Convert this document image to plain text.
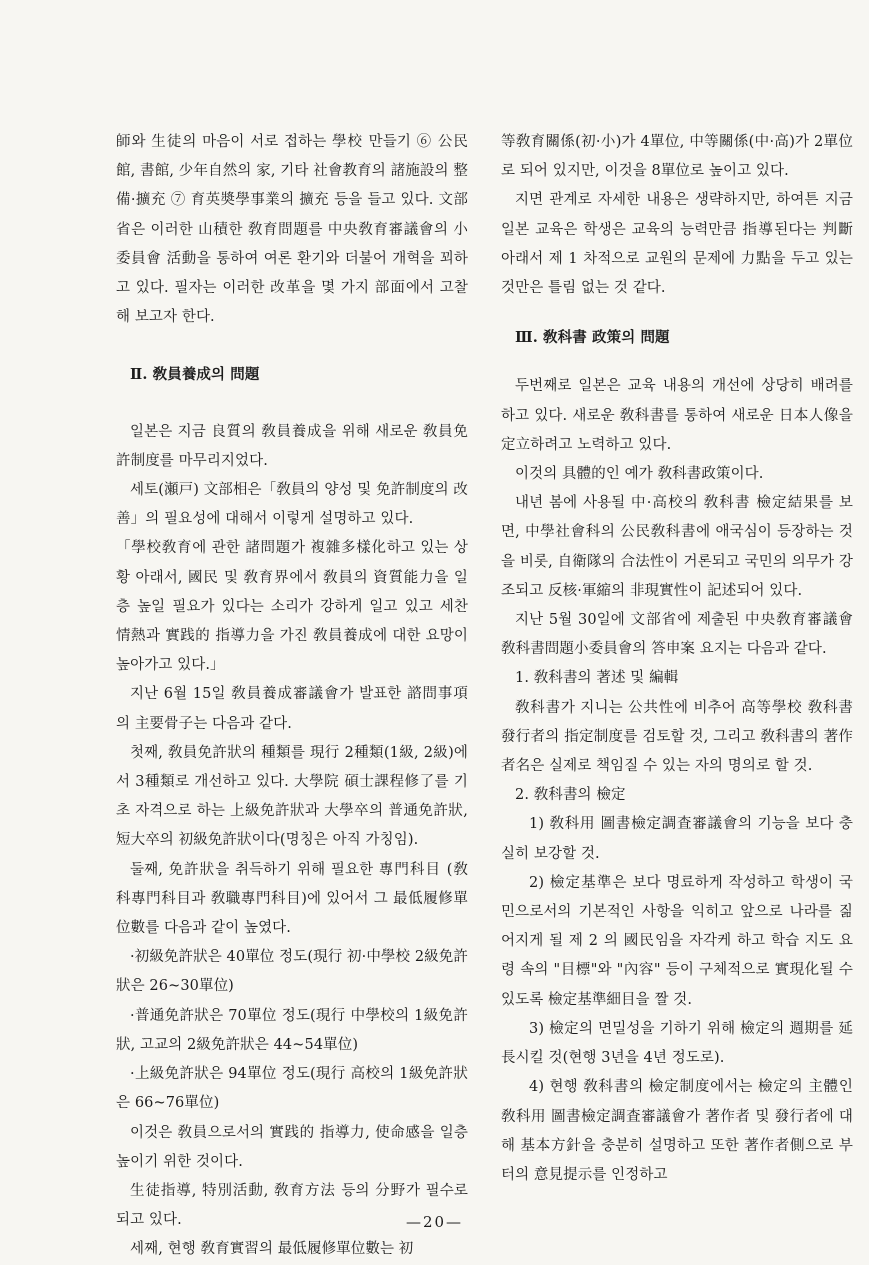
師와 生徒의 마음이 서로 접하는 學校 만들기 ⑥ 公民館, 書館, 少年自然의 家, 기타 社會教育의 諸施設의 整備·擴充 ⑦ 育英奬學事業의 擴充 등을 들고 있다. 文部省은 이러한 山積한 敎育問題를 中央敎育審議會의 小委員會 活動을 통하여 여론 환기와 더불어 개혁을 꾀하고 있다. 필자는 이러한 改革을 몇 가지 部面에서 고찰해 보고자 한다.

Ⅱ. 敎員養成의 問題

일본은 지금 良質의 敎員養成을 위해 새로운 敎員免許制度를 마무리지었다.

세토(瀬戸) 文部相은「敎員의 양성 및 免許制度의 改善」의 필요성에 대해서 이렇게 설명하고 있다.

「學校敎育에 관한 諸問題가 複雜多樣化하고 있는 상황 아래서, 國民 및 敎育界에서 敎員의 資質能力을 일층 높일 필요가 있다는 소리가 강하게 일고 있고 세찬 情熱과 實践的 指導力을 가진 敎員養成에 대한 요망이 높아가고 있다.」

지난 6월 15일 敎員養成審議會가 발표한 諮問事項의 主要骨子는 다음과 같다.

첫째, 敎員免許狀의 種類를 現行 2種類(1級, 2級)에서 3種類로 개선하고 있다. 大學院 碩士課程修了를 기초 자격으로 하는 上級免許狀과 大學卒의 普通免許狀, 短大卒의 初級免許狀이다(명칭은 아직 가칭임).

둘째, 免許狀을 취득하기 위해 필요한 專門科目 (敎科專門科目과 敎職專門科目)에 있어서 그 最低履修單位數를 다음과 같이 높였다.

·初級免許狀은 40單位 정도(現行 初·中學校 2級免許狀은 26~30單位)

·普通免許狀은 70單位 정도(現行 中學校의 1級免許狀, 고교의 2級免許狀은 44~54單位)

·上級免許狀은 94單位 정도(現行 高校의 1級免許狀은 66~76單位)

이것은 敎員으로서의 實践的 指導力, 使命感을 일층 높이기 위한 것이다.

生徒指導, 特別活動, 敎育方法 등의 分野가 필수로 되고 있다.

세째, 현행 敎育實習의 最低履修單位數는 初

等敎育關係(初·小)가 4單位, 中等關係(中·高)가 2單位로 되어 있지만, 이것을 8單位로 높이고 있다.

지면 관계로 자세한 내용은 생략하지만, 하여튼 지금 일본 교육은 학생은 교육의 능력만큼 指導된다는 判斷 아래서 제 1 차적으로 교원의 문제에 力點을 두고 있는 것만은 틀림 없는 것 같다.

Ⅲ. 敎科書 政策의 問題

두번째로 일본은 교육 내용의 개선에 상당히 배려를 하고 있다. 새로운 敎科書를 통하여 새로운 日本人像을 定立하려고 노력하고 있다.

이것의 具體的인 예가 敎科書政策이다.

내년 봄에 사용될 中·高校의 敎科書 檢定結果를 보면, 中學社會科의 公民敎科書에 애국심이 등장하는 것을 비롯, 自衛隊의 合法性이 거론되고 국민의 의무가 강조되고 反核·軍縮의 非現實性이 記述되어 있다.

지난 5월 30일에 文部省에 제출된 中央敎育審議會 敎科書問題小委員會의 答申案 요지는 다음과 같다.

1. 敎科書의 著述 및 編輯

敎科書가 지니는 公共性에 비추어 高等學校 敎科書 發行者의 指定制度를 검토할 것, 그리고 敎科書의 著作者名은 실제로 책임질 수 있는 자의 명의로 할 것.

2. 敎科書의 檢定

1) 敎科用 圖書檢定調査審議會의 기능을 보다 충실히 보강할 것.

2) 檢定基準은 보다 명료하게 작성하고 학생이 국민으로서의 기본적인 사항을 익히고 앞으로 나라를 짊어지게 될 제 2 의 國民임을 자각케 하고 학습 지도 요령 속의 "目標"와 "內容" 등이 구체적으로 實現化될 수 있도록 檢定基準細目을 짤 것.

3) 檢定의 면밀성을 기하기 위해 檢定의 週期를 延長시킬 것(현행 3년을 4년 정도로).

4) 현행 敎科書의 檢定制度에서는 檢定의 主體인 敎科用 圖書檢定調査審議會가 著作者 및 發行者에 대해 基本方針을 충분히 설명하고 또한 著作者側으로 부터의 意見提示를 인정하고

—20—
